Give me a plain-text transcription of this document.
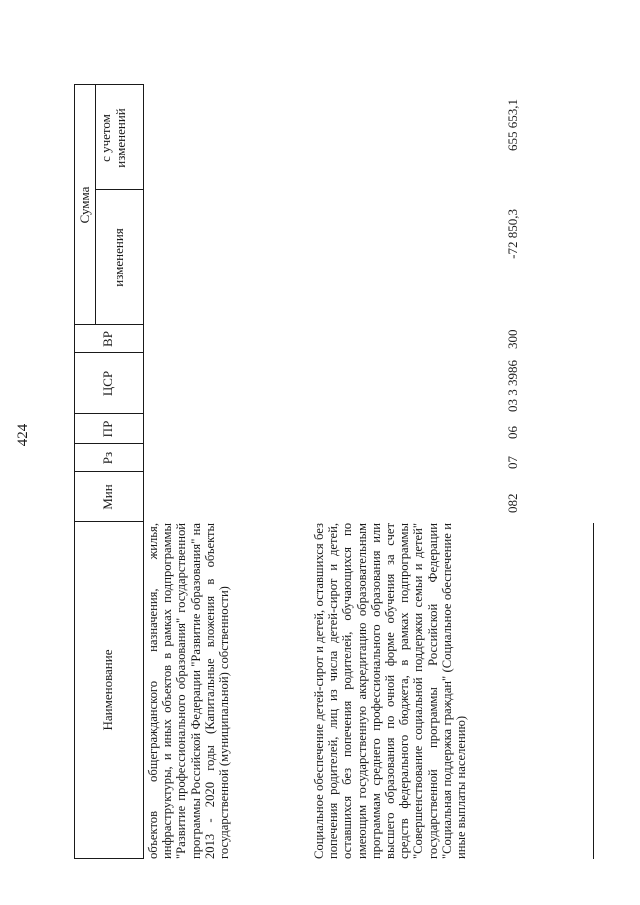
424
Наименование
Мин
Рз
ПР
ЦСР
ВР
Сумма
изменения
с учетом изменений
объектов общегражданского назначения, жилья, инфраструктуры, и иных объектов в рамках подпрограммы "Развитие профессионального образования" государственной программы Российской Федерации "Развитие образования" на 2013 - 2020 годы (Капитальные вложения в объекты государственной (муниципальной) собственности)	Социальное обеспечение детей-сирот и детей, оставшихся без попечения родителей, лиц из числа детей-сирот и детей, оставшихся без попечения родителей, обучающихся по имеющим государственную аккредитацию образовательным программам среднего профессионального образования или высшего образования по очной форме обучения за счет средств федерального бюджета, в рамках подпрограммы "Совершенствование социальной поддержки семьи и детей" государственной программы Российской Федерации "Социальная поддержка граждан" (Социальное обеспечение и иные выплаты населению)
082
07
06
03 3 3986
300
-72 850,3
655 653,1
